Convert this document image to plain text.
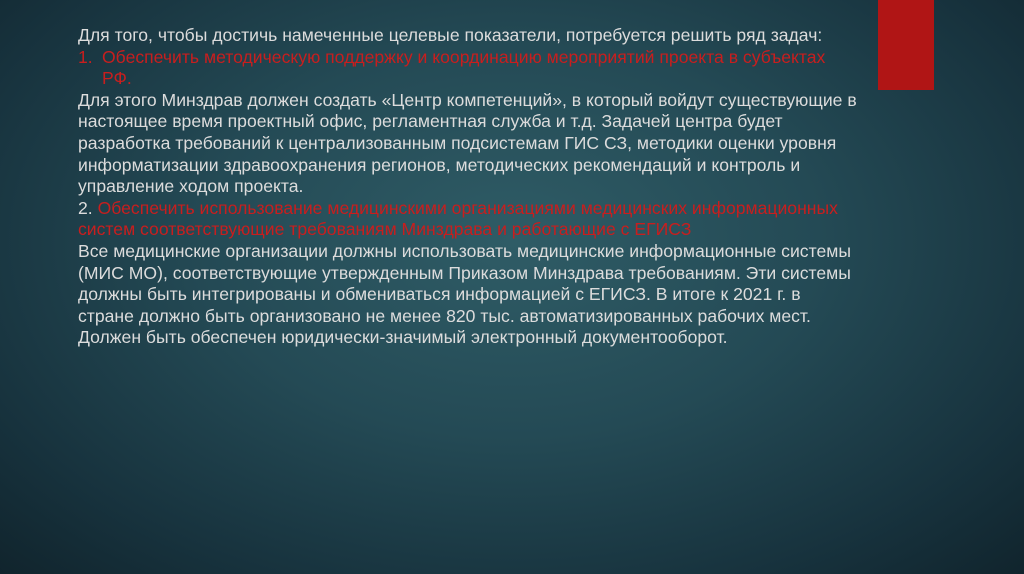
Для того, чтобы достичь намеченные целевые показатели, потребуется решить ряд задач:

1. Обеспечить методическую поддержку и координацию мероприятий проекта в субъектах РФ.

Для этого Минздрав должен создать «Центр компетенций», в который войдут существующие в настоящее время проектный офис, регламентная служба и т.д. Задачей центра будет разработка требований к централизованным подсистемам ГИС СЗ, методики оценки уровня информатизации здравоохранения регионов, методических рекомендаций и контроль и управление ходом проекта.

2. Обеспечить использование медицинскими организациями медицинских информационных систем соответствующие требованиям Минздрава и работающие с ЕГИСЗ

Все медицинские организации должны использовать медицинские информационные системы (МИС МО), соответствующие утвержденным Приказом Минздрава требованиям. Эти системы должны быть интегрированы и обмениваться информацией с ЕГИСЗ. В итоге к 2021 г. в стране должно быть организовано не менее 820 тыс. автоматизированных рабочих мест. Должен быть обеспечен юридически-значимый электронный документооборот.
